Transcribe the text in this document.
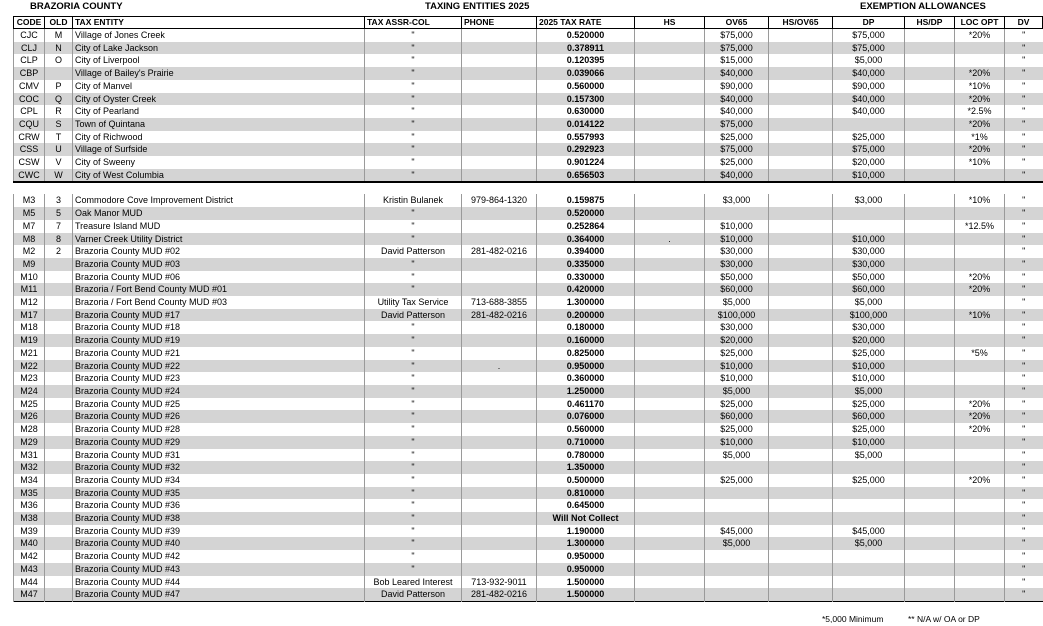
BRAZORIA COUNTY	TAXING ENTITIES 2025	EXEMPTION ALLOWANCES
CODE	OLD	TAX ENTITY	TAX ASSR-COL	PHONE	2025 TAX RATE	HS	OV65	HS/OV65	DP	HS/DP	LOC OPT	DV
CJC	M	Village of Jones Creek	"		0.520000		$75,000		$75,000		*20%	"
CLJ	N	City of Lake Jackson	"		0.378911		$75,000		$75,000			"
CLP	O	City of Liverpool	"		0.120395		$15,000		$5,000			"
CBP		Village of Bailey's Prairie	"		0.039066		$40,000		$40,000		*20%	"
CMV	P	City of Manvel	"		0.560000		$90,000		$90,000		*10%	"
COC	Q	City of Oyster Creek	"		0.157300		$40,000		$40,000		*20%	"
CPL	R	City of Pearland	"		0.630000		$40,000		$40,000		*2.5%	"
CQU	S	Town of Quintana	"		0.014122		$75,000				*20%	"
CRW	T	City of Richwood	"		0.557993		$25,000		$25,000		*1%	"
CSS	U	Village of Surfside	"		0.292923		$75,000		$75,000		*20%	"
CSW	V	City of Sweeny	"		0.901224		$25,000		$20,000		*10%	"
CWC	W	City of West Columbia	"		0.656503		$40,000		$10,000			"

M3	3	Commodore Cove Improvement District	Kristin Bulanek	979-864-1320	0.159875		$3,000		$3,000		*10%	"
M5	5	Oak Manor MUD	"		0.520000							"
M7	7	Treasure Island MUD	"		0.252864		$10,000				*12.5%	"
M8	8	Varner Creek Utility District	"		0.364000	.	$10,000		$10,000			"
M2	2	Brazoria County MUD #02	David Patterson	281-482-0216	0.394000		$30,000		$30,000			"
M9		Brazoria County MUD #03	"		0.335000		$30,000		$30,000			"
M10		Brazoria County MUD #06	"		0.330000		$50,000		$50,000		*20%	"
M11		Brazoria / Fort Bend County MUD #01	"		0.420000		$60,000		$60,000		*20%	"
M12		Brazoria / Fort Bend County MUD #03	Utility Tax Service	713-688-3855	1.300000		$5,000		$5,000			"
M17		Brazoria County MUD #17	David Patterson	281-482-0216	0.200000		$100,000		$100,000		*10%	"
M18		Brazoria County MUD #18	"		0.180000		$30,000		$30,000			"
M19		Brazoria County MUD #19	"		0.160000		$20,000		$20,000			"
M21		Brazoria County MUD #21	"		0.825000		$25,000		$25,000		*5%	"
M22		Brazoria County MUD #22	"	.	0.950000		$10,000		$10,000			"
M23		Brazoria County MUD #23	"		0.360000		$10,000		$10,000			"
M24		Brazoria County MUD #24	"		1.250000		$5,000		$5,000			"
M25		Brazoria County MUD #25	"		0.461170		$25,000		$25,000		*20%	"
M26		Brazoria County MUD #26	"		0.076000		$60,000		$60,000		*20%	"
M28		Brazoria County MUD #28	"		0.560000		$25,000		$25,000		*20%	"
M29		Brazoria County MUD #29	"		0.710000		$10,000		$10,000			"
M31		Brazoria County MUD #31	"		0.780000		$5,000		$5,000			"
M32		Brazoria County MUD #32	"		1.350000							"
M34		Brazoria County MUD #34	"		0.500000		$25,000		$25,000		*20%	"
M35		Brazoria County MUD #35	"		0.810000							"
M36		Brazoria County MUD #36	"		0.645000							"
M38		Brazoria County MUD #38	"		Will Not Collect							"
M39		Brazoria County MUD #39	"		1.190000		$45,000		$45,000			"
M40		Brazoria County MUD #40	"		1.300000		$5,000		$5,000			"
M42		Brazoria County MUD #42	"		0.950000							"
M43		Brazoria County MUD #43	"		0.950000							"
M44		Brazoria County MUD #44	Bob Leared Interest	713-932-9011	1.500000							"
M47		Brazoria County MUD #47	David Patterson	281-482-0216	1.500000							"
*5,000 Minimum	** N/A w/ OA or DP
